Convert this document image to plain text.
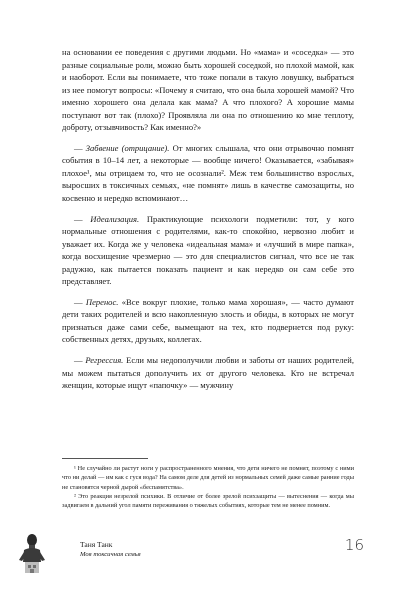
на основании ее поведения с другими людьми. Но «мама» и «соседка» — это разные социальные роли, можно быть хорошей соседкой, но плохой мамой, как и наоборот. Если вы понимаете, что тоже попали в такую ловушку, выбраться из нее помогут вопросы: «Почему я считаю, что она была хорошей мамой? Что именно хорошего она делала как мама? А что плохого? А хорошие мамы поступают вот так (плохо)? Проявляла ли она по отношению ко мне теплоту, доброту, отзывчивость? Как именно?»

— Забвение (отрицание). От многих слышала, что они отрывочно помнят события в 10–14 лет, а некоторые — вообще ничего! Оказывается, «забывая» плохое¹, мы отрицаем то, что не осознали². Меж тем большинство взрослых, выросших в токсичных семьях, «не помнят» лишь в качестве самозащиты, но косвенно и нередко вспоминают…

— Идеализация. Практикующие психологи подметили: тот, у кого нормальные отношения с родителями, как-то спокойно, нервозно любит и уважает их. Когда же у человека «идеальная мама» и «лучший в мире папка», когда восхищение чрезмерно — это для специалистов сигнал, что все не так радужно, как пытается показать пациент и как нередко он сам себе это представляет.

— Перенос. «Все вокруг плохие, только мама хорошая», — часто думают дети таких родителей и всю накопленную злость и обиды, в которых не могут признаться даже сами себе, вымещают на тех, кто подвернется под руку: собственных детях, друзьях, коллегах.

— Регрессия. Если мы недополучили любви и заботы от наших родителей, мы можем пытаться дополучить их от другого человека. Кто не встречал женщин, которые ищут «папочку» — мужчину

¹ Не случайно ли растут ноги у распространенного мнения, что дети ничего не помнят, поэтому с ними что ни делай — им как с гуся вода? На самом деле для детей из нормальных семей даже самые ранние годы не становятся черной дырой «беспамятства».

² Это реакция незрелой психики. В отличие от более зрелой психзащиты — вытеснения — когда мы задвигаем в дальний угол памяти переживания о тяжелых событиях, которые тем не менее помним.

Таня Танк
Моя токсичная семья
16
